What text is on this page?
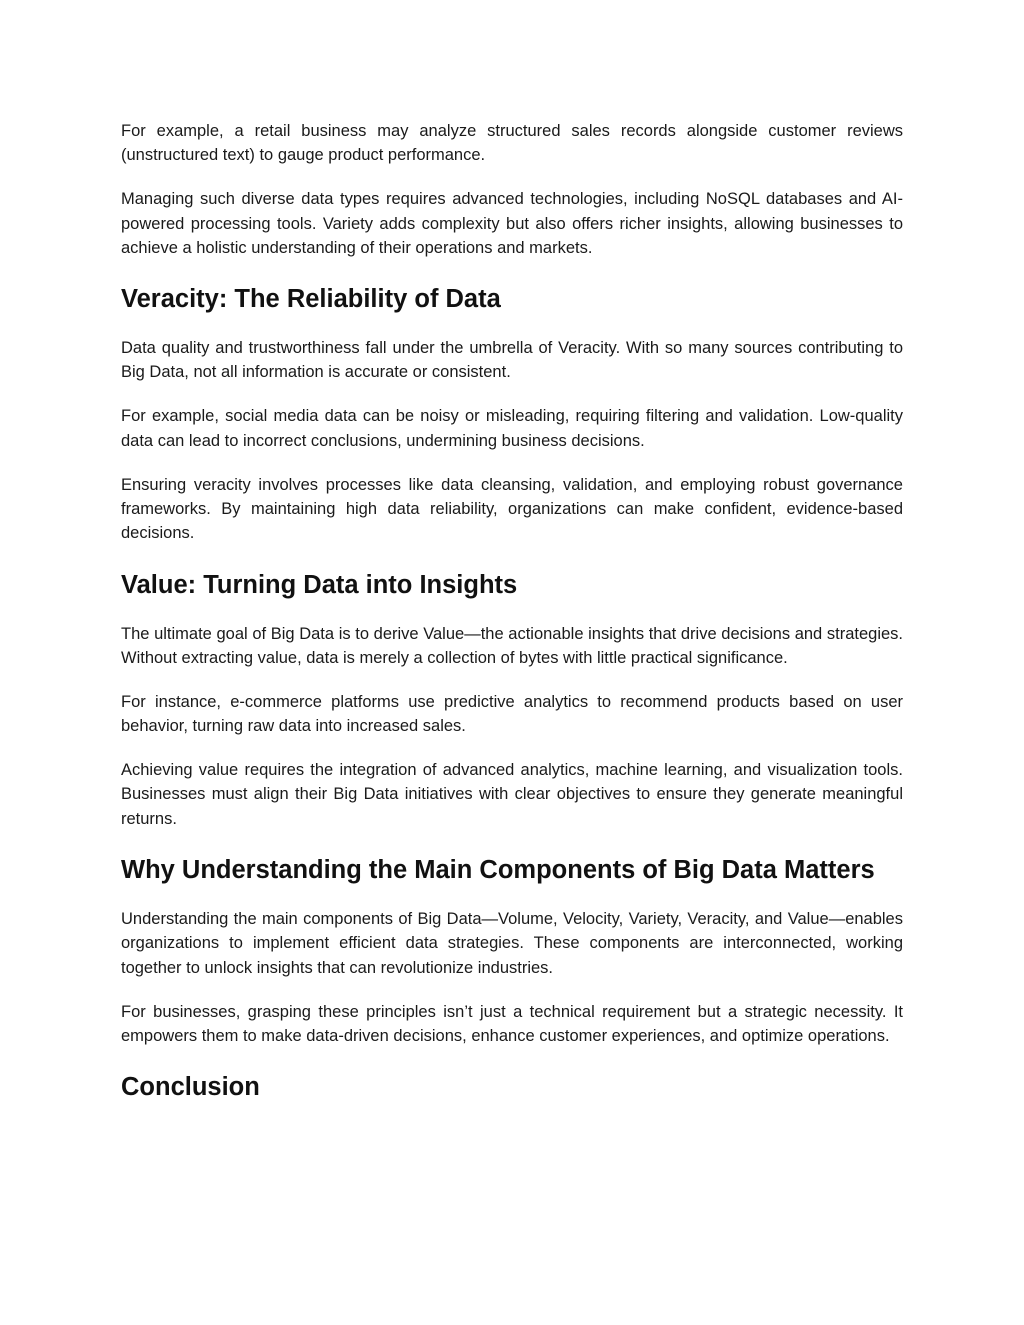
For example, a retail business may analyze structured sales records alongside customer reviews (unstructured text) to gauge product performance.

Managing such diverse data types requires advanced technologies, including NoSQL databases and AI-powered processing tools. Variety adds complexity but also offers richer insights, allowing businesses to achieve a holistic understanding of their operations and markets.

Veracity: The Reliability of Data

Data quality and trustworthiness fall under the umbrella of Veracity. With so many sources contributing to Big Data, not all information is accurate or consistent.

For example, social media data can be noisy or misleading, requiring filtering and validation. Low-quality data can lead to incorrect conclusions, undermining business decisions.

Ensuring veracity involves processes like data cleansing, validation, and employing robust governance frameworks. By maintaining high data reliability, organizations can make confident, evidence-based decisions.

Value: Turning Data into Insights

The ultimate goal of Big Data is to derive Value—the actionable insights that drive decisions and strategies. Without extracting value, data is merely a collection of bytes with little practical significance.

For instance, e-commerce platforms use predictive analytics to recommend products based on user behavior, turning raw data into increased sales.

Achieving value requires the integration of advanced analytics, machine learning, and visualization tools. Businesses must align their Big Data initiatives with clear objectives to ensure they generate meaningful returns.

Why Understanding the Main Components of Big Data Matters

Understanding the main components of Big Data—Volume, Velocity, Variety, Veracity, and Value—enables organizations to implement efficient data strategies. These components are interconnected, working together to unlock insights that can revolutionize industries.

For businesses, grasping these principles isn’t just a technical requirement but a strategic necessity. It empowers them to make data-driven decisions, enhance customer experiences, and optimize operations.

Conclusion
